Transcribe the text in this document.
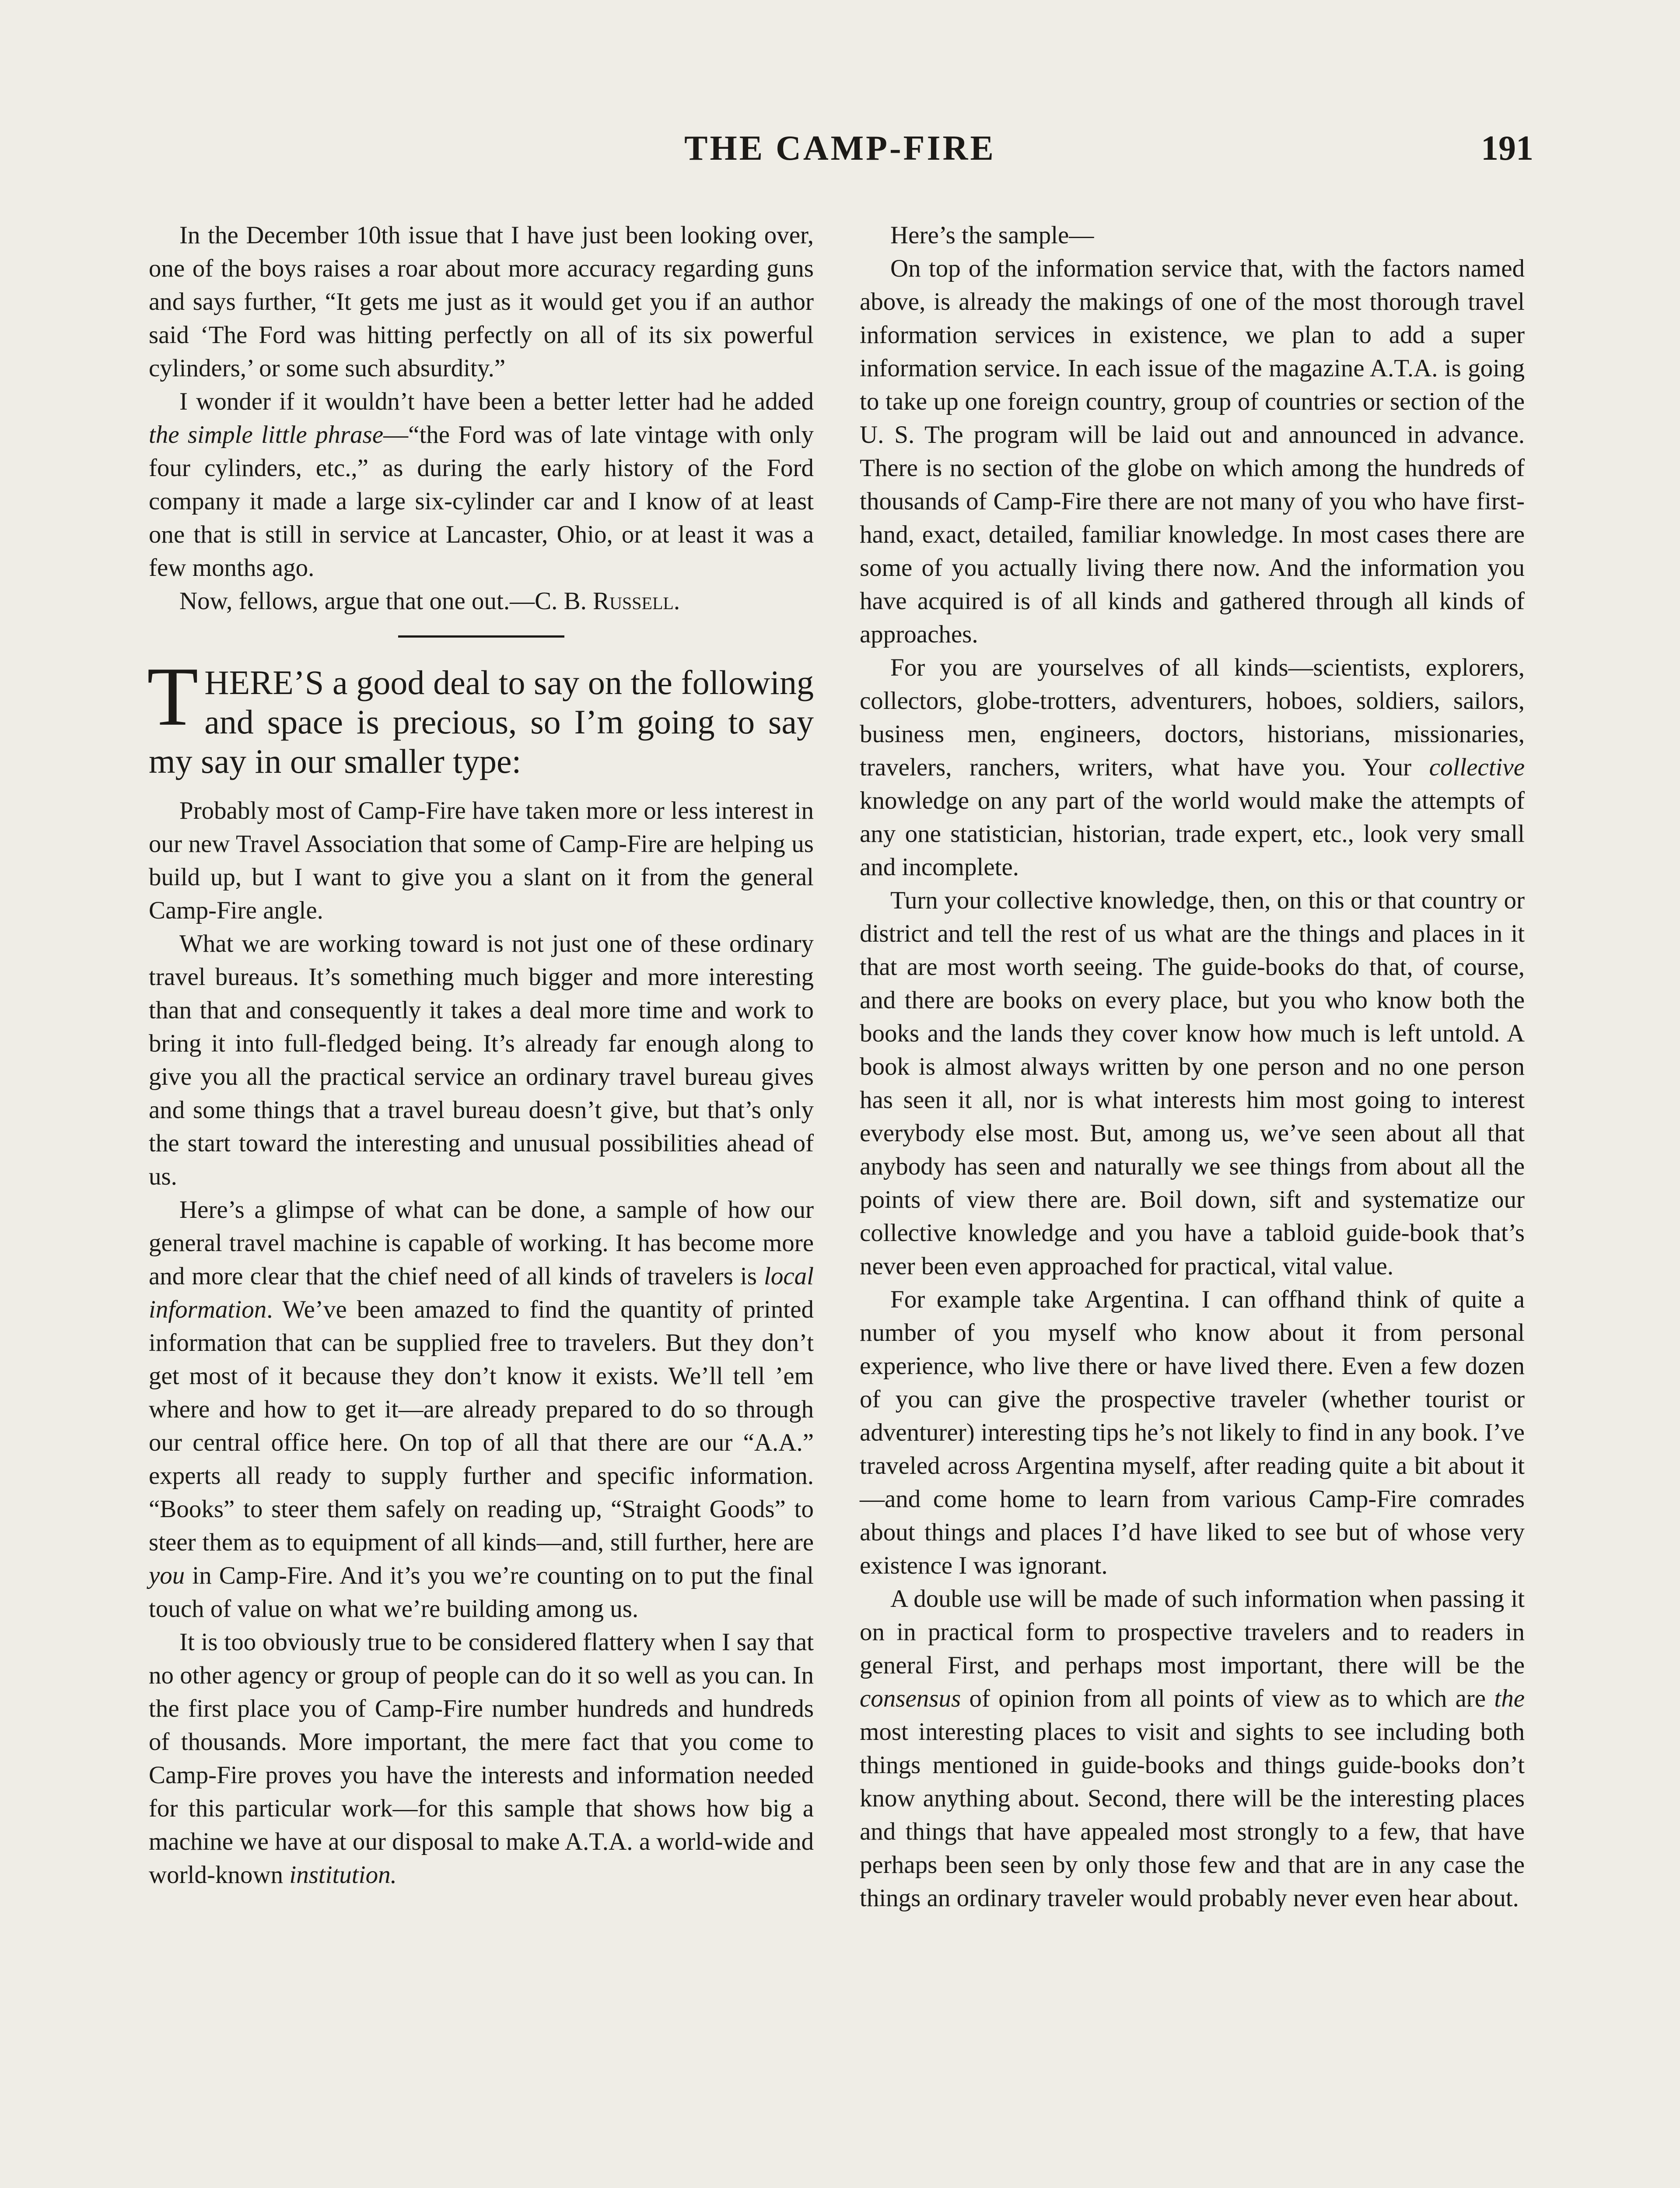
THE CAMP-FIRE	191

In the December 10th issue that I have just been looking over, one of the boys raises a roar about more accuracy regarding guns and says further, “It gets me just as it would get you if an author said ‘The Ford was hitting perfectly on all of its six powerful cylinders,’ or some such absurdity.”

I wonder if it wouldn’t have been a better letter had he added the simple little phrase—“the Ford was of late vintage with only four cylinders, etc.,” as during the early history of the Ford company it made a large six-cylinder car and I know of at least one that is still in service at Lancaster, Ohio, or at least it was a few months ago.

Now, fellows, argue that one out.—C. B. Russell.

THERE’S a good deal to say on the following and space is precious, so I’m going to say my say in our smaller type:

Probably most of Camp-Fire have taken more or less interest in our new Travel Association that some of Camp-Fire are helping us build up, but I want to give you a slant on it from the general Camp-Fire angle.

What we are working toward is not just one of these ordinary travel bureaus. It’s something much bigger and more interesting than that and consequently it takes a deal more time and work to bring it into full-fledged being. It’s already far enough along to give you all the practical service an ordinary travel bureau gives and some things that a travel bureau doesn’t give, but that’s only the start toward the interesting and unusual possibilities ahead of us.

Here’s a glimpse of what can be done, a sample of how our general travel machine is capable of working. It has become more and more clear that the chief need of all kinds of travelers is local information. We’ve been amazed to find the quantity of printed information that can be supplied free to travelers. But they don’t get most of it because they don’t know it exists. We’ll tell ’em where and how to get it—are already prepared to do so through our central office here. On top of all that there are our “A.A.” experts all ready to supply further and specific information. “Books” to steer them safely on reading up, “Straight Goods” to steer them as to equipment of all kinds—and, still further, here are you in Camp-Fire. And it’s you we’re counting on to put the final touch of value on what we’re building among us.

It is too obviously true to be considered flattery when I say that no other agency or group of people can do it so well as you can. In the first place you of Camp-Fire number hundreds and hundreds of thousands. More important, the mere fact that you come to Camp-Fire proves you have the interests and information needed for this particular work—for this sample that shows how big a machine we have at our disposal to make A.T.A. a world-wide and world-known institution.

Here’s the sample—

On top of the information service that, with the factors named above, is already the makings of one of the most thorough travel information services in existence, we plan to add a super information service. In each issue of the magazine A.T.A. is going to take up one foreign country, group of countries or section of the U. S. The program will be laid out and announced in advance. There is no section of the globe on which among the hundreds of thousands of Camp-Fire there are not many of you who have first-hand, exact, detailed, familiar knowledge. In most cases there are some of you actually living there now. And the information you have acquired is of all kinds and gathered through all kinds of approaches.

For you are yourselves of all kinds—scientists, explorers, collectors, globe-trotters, adventurers, hoboes, soldiers, sailors, business men, engineers, doctors, historians, missionaries, travelers, ranchers, writers, what have you. Your collective knowledge on any part of the world would make the attempts of any one statistician, historian, trade expert, etc., look very small and incomplete.

Turn your collective knowledge, then, on this or that country or district and tell the rest of us what are the things and places in it that are most worth seeing. The guide-books do that, of course, and there are books on every place, but you who know both the books and the lands they cover know how much is left untold. A book is almost always written by one person and no one person has seen it all, nor is what interests him most going to interest everybody else most. But, among us, we’ve seen about all that anybody has seen and naturally we see things from about all the points of view there are. Boil down, sift and systematize our collective knowledge and you have a tabloid guide-book that’s never been even approached for practical, vital value.

For example take Argentina. I can offhand think of quite a number of you myself who know about it from personal experience, who live there or have lived there. Even a few dozen of you can give the prospective traveler (whether tourist or adventurer) interesting tips he’s not likely to find in any book. I’ve traveled across Argentina myself, after reading quite a bit about it—and come home to learn from various Camp-Fire comrades about things and places I’d have liked to see but of whose very existence I was ignorant.

A double use will be made of such information when passing it on in practical form to prospective travelers and to readers in general First, and perhaps most important, there will be the consensus of opinion from all points of view as to which are the most interesting places to visit and sights to see including both things mentioned in guide-books and things guide-books don’t know anything about. Second, there will be the interesting places and things that have appealed most strongly to a few, that have perhaps been seen by only those few and that are in any case the things an ordinary traveler would probably never even hear about.
